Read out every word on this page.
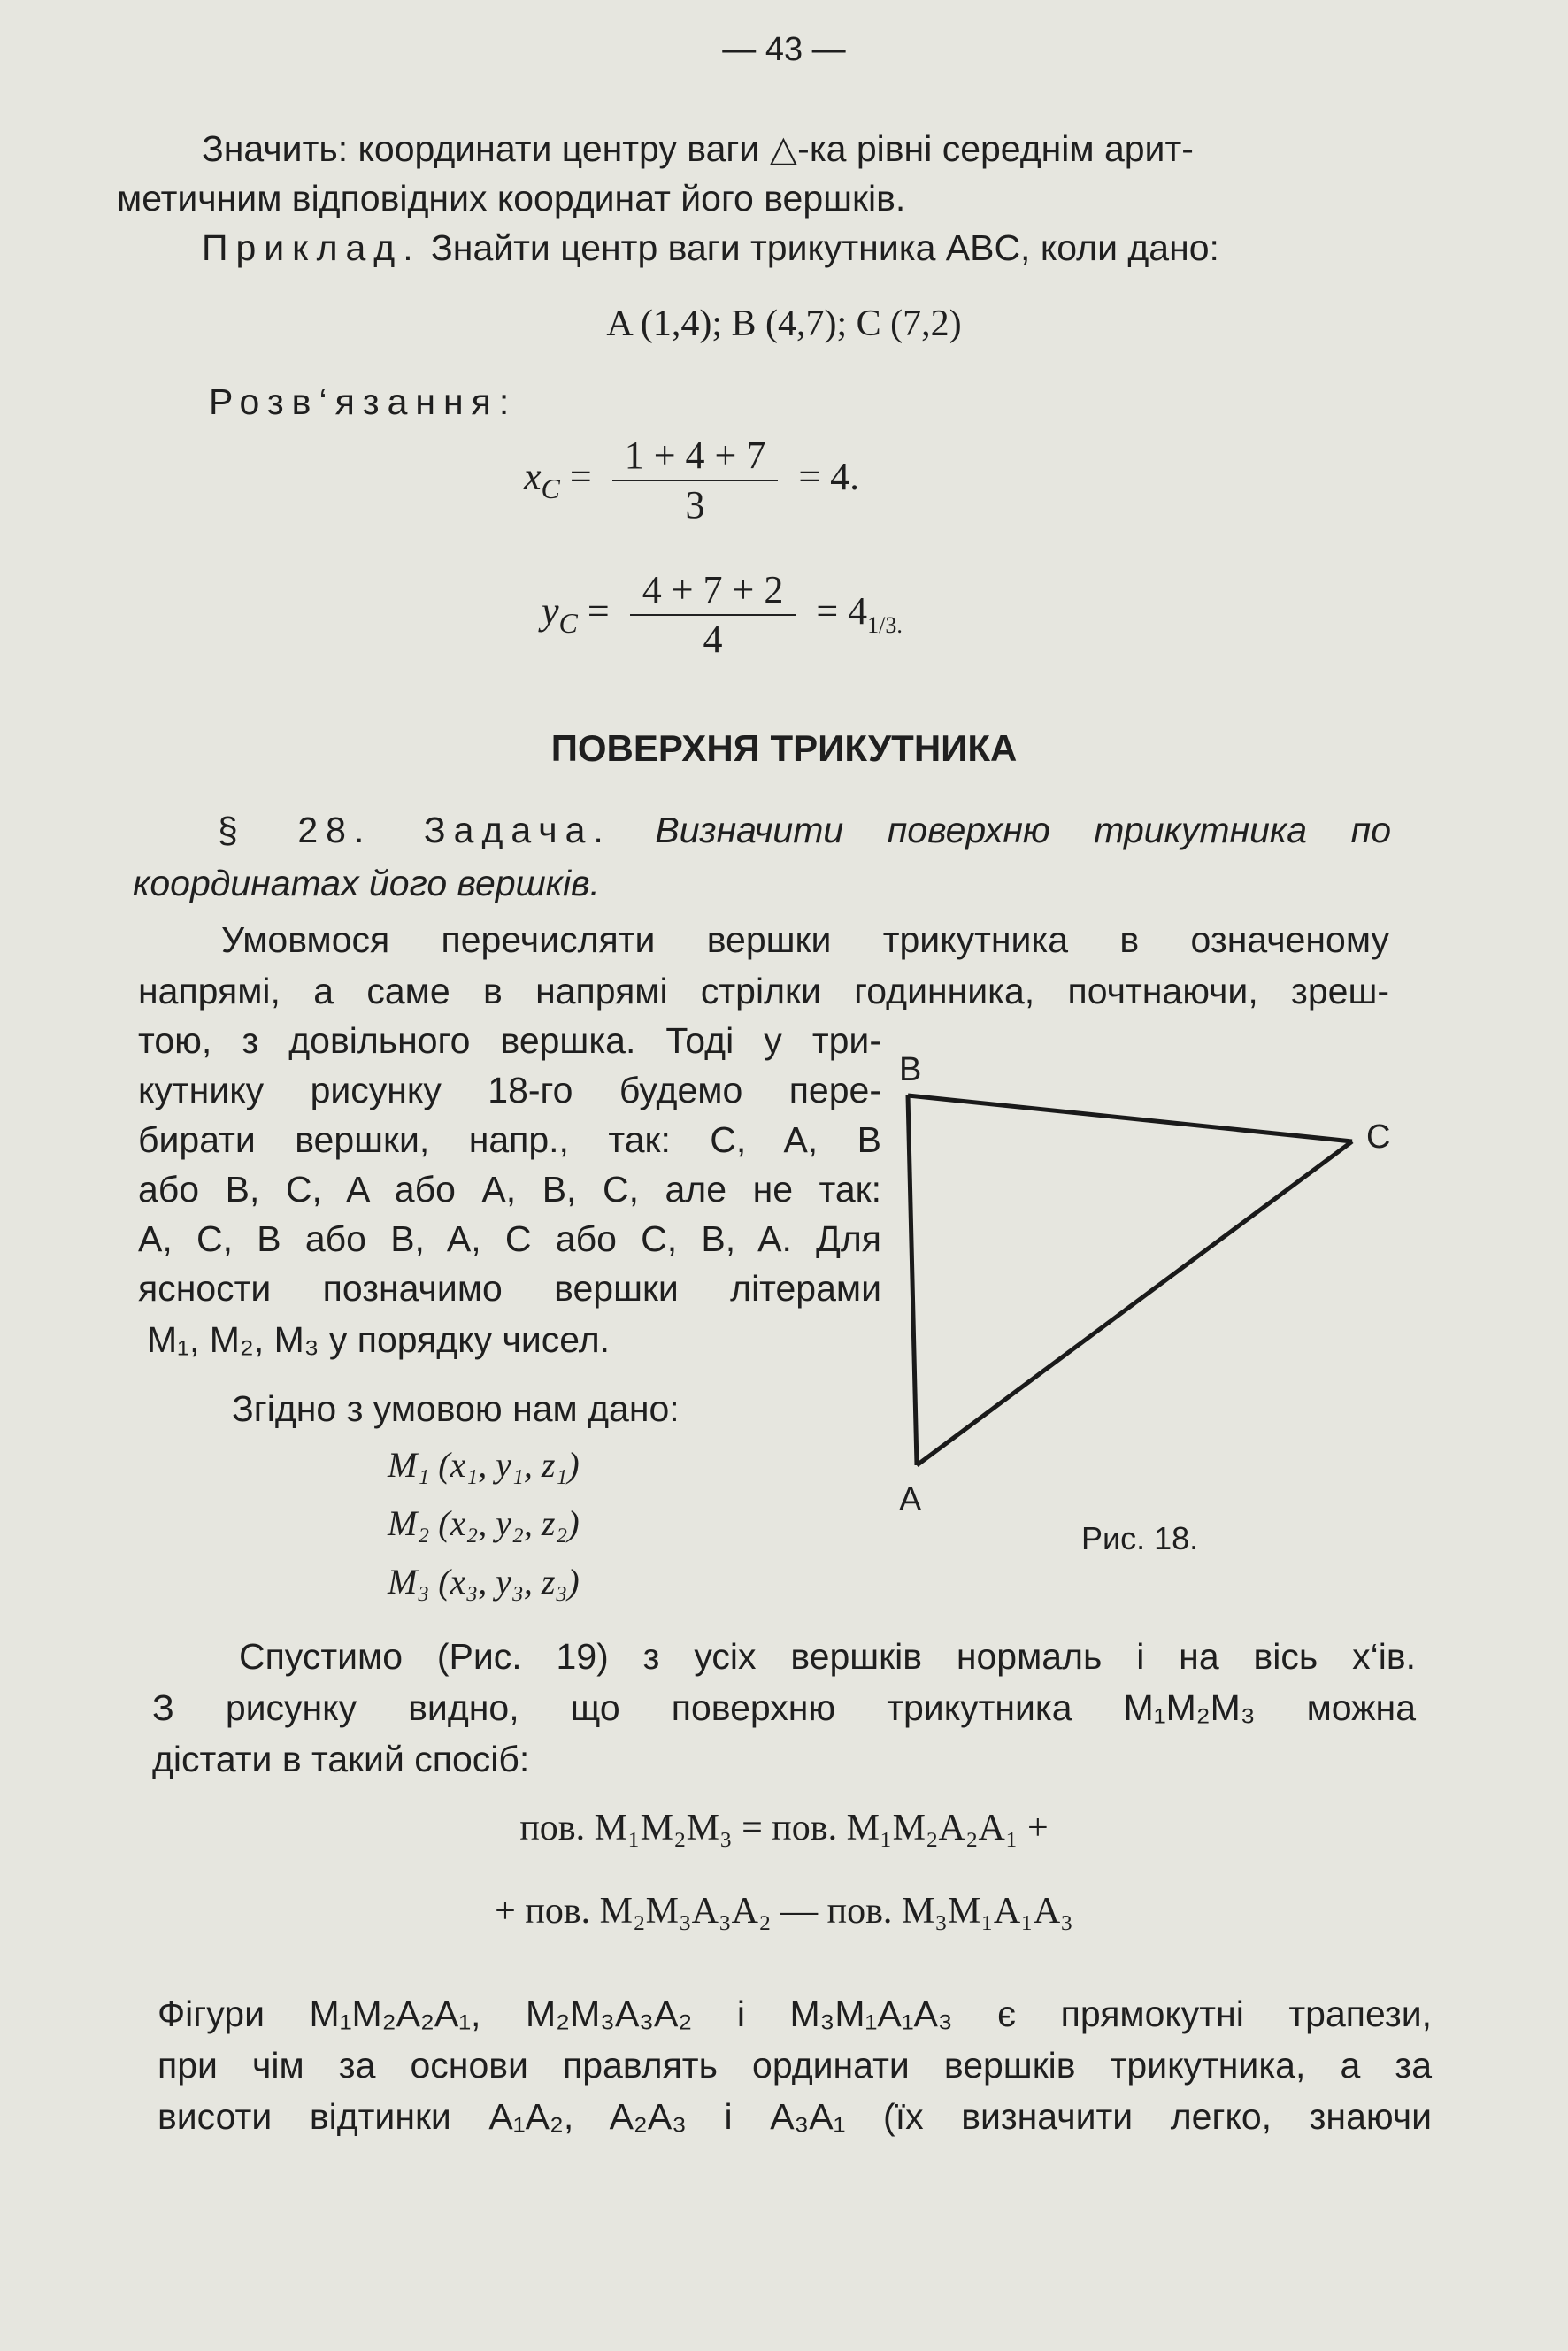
— 43 —
Значить: координати центру ваги △-ка рівні середнім арит-
метичним відповідних координат його вершків.
Приклад. Знайти центр ваги трикутника ABC, коли дано:
A (1,4); B (4,7); C (7,2)
Розв‘язання:
$x_C = \frac{1 + 4 + 7}{3} = 4$.
$y_C = \frac{4 + 7 + 2}{4} = 4_{1/3.}$
ПОВЕРХНЯ ТРИКУТНИКА
§ 28. Задача. Визначити поверхню трикутника по
координатах його вершків.
Умовмося перечисляти вершки трикутника в означеному
напрямі, а саме в напрямі стрілки годинника, почтнаючи, зреш-
тою, з довільного вершка. Тоді у три-
кутнику рисунку 18-го будемо пере-
бирати вершки, напр., так: C, A, B
або B, C, A або A, B, C, але не так:
A, C, B або B, A, C або C, B, A. Для
ясности позначимо вершки літерами
M₁, M₂, M₃ у порядку чисел.
Згідно з умовою нам дано:
M₁ (x₁, y₁, z₁)
M₂ (x₂, y₂, z₂)
M₃ (x₃, y₃, z₃)
B
C
A
Рис. 18.
Спустимо (Рис. 19) з усіх вершків нормаль і на вісь x‘ів.
З рисунку видно, що поверхню трикутника M₁M₂M₃ можна
дістати в такий спосіб:
пов. M₁M₂M₃ = пов. M₁M₂A₂A₁ +
+ пов. M₂M₃A₃A₂ — пов. M₃M₁A₁A₃
Фігури M₁M₂A₂A₁, M₂M₃A₃A₂ і M₃M₁A₁A₃ є прямокутні трапези,
при чім за основи правлять ординати вершків трикутника, а за
висоти відтинки A₁A₂, A₂A₃ і A₃A₁ (їх визначити легко, знаючи
